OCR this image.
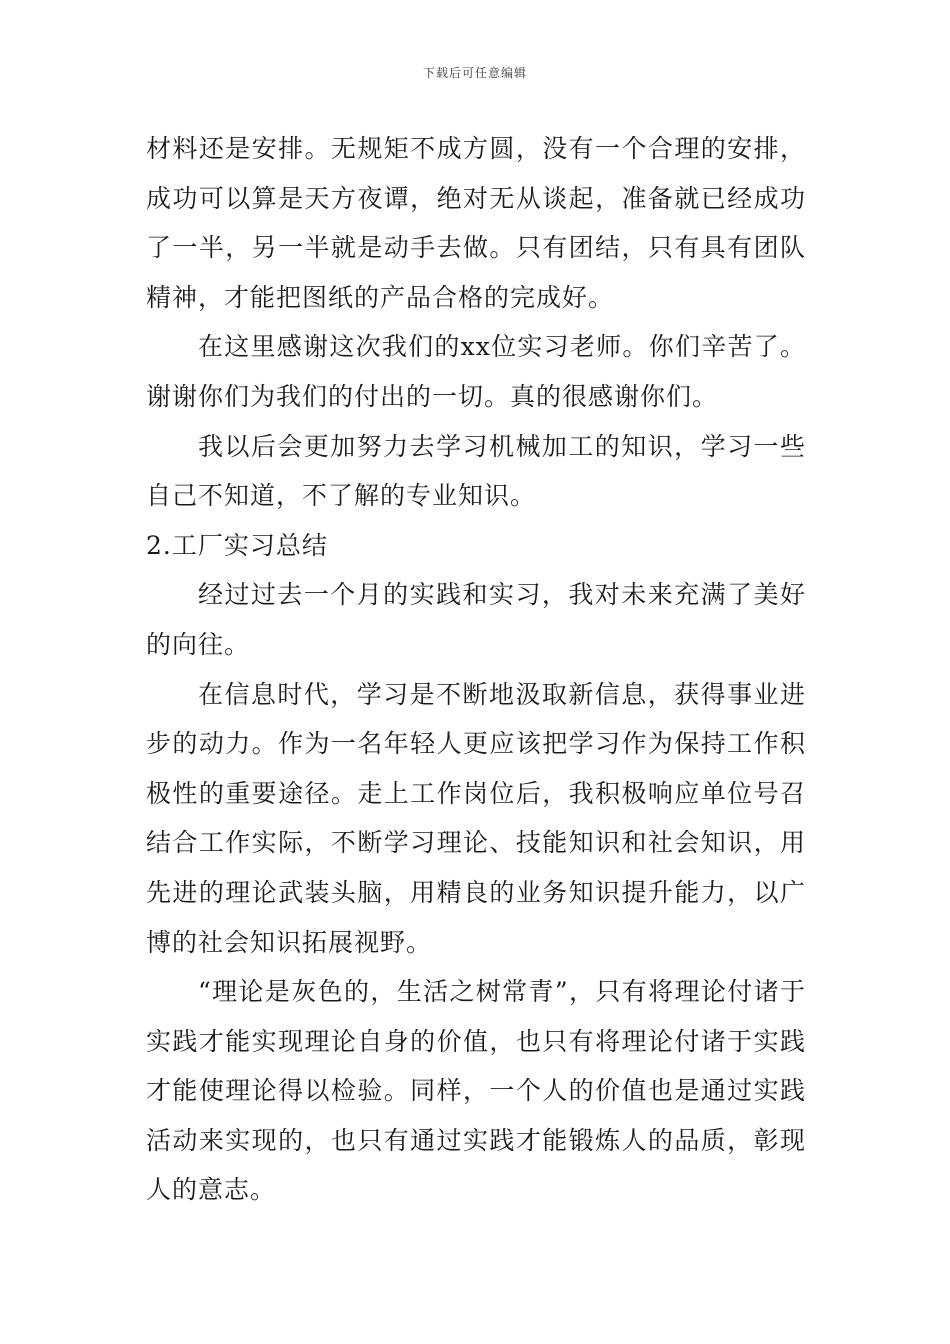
下载后可任意编辑

材料还是安排。无规矩不成方圆，没有一个合理的安排，成功可以算是天方夜谭，绝对无从谈起，准备就已经成功了一半，另一半就是动手去做。只有团结，只有具有团队精神，才能把图纸的产品合格的完成好。

在这里感谢这次我们的xx位实习老师。你们辛苦了。谢谢你们为我们的付出的一切。真的很感谢你们。

我以后会更加努力去学习机械加工的知识，学习一些自己不知道，不了解的专业知识。

2.工厂实习总结

经过过去一个月的实践和实习，我对未来充满了美好的向往。

在信息时代，学习是不断地汲取新信息，获得事业进步的动力。作为一名年轻人更应该把学习作为保持工作积极性的重要途径。走上工作岗位后，我积极响应单位号召结合工作实际，不断学习理论、技能知识和社会知识，用先进的理论武装头脑，用精良的业务知识提升能力，以广博的社会知识拓展视野。

“理论是灰色的，生活之树常青”，只有将理论付诸于实践才能实现理论自身的价值，也只有将理论付诸于实践才能使理论得以检验。同样，一个人的价值也是通过实践活动来实现的，也只有通过实践才能锻炼人的品质，彰现人的意志。
